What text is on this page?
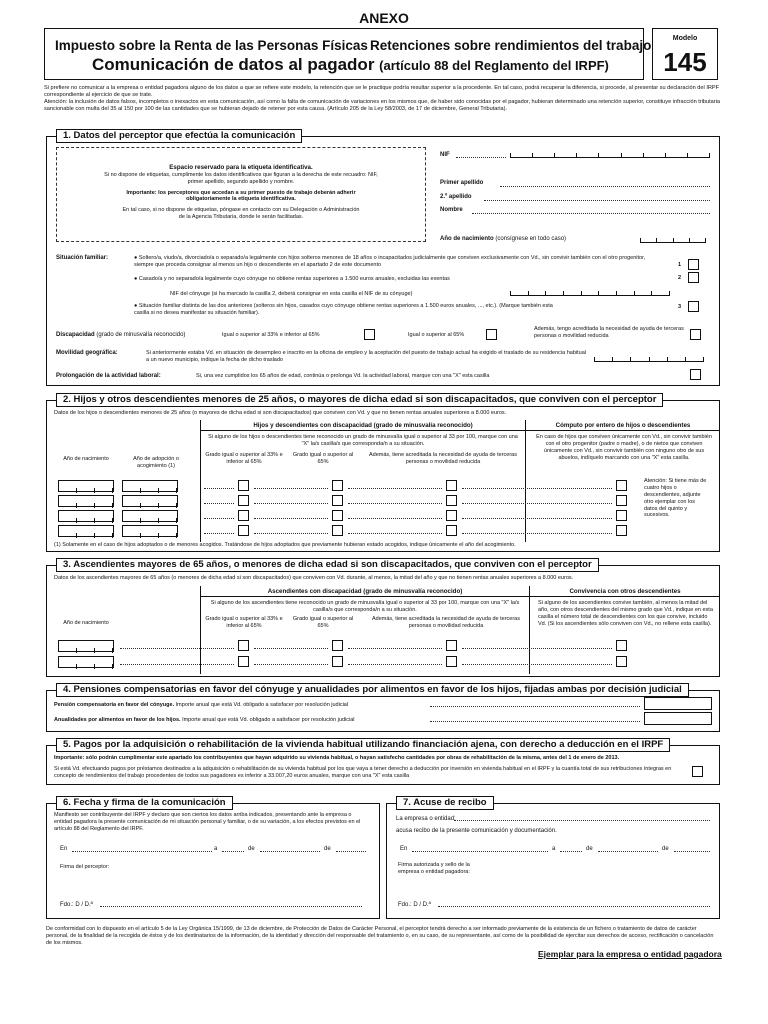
ANEXO
Impuesto sobre la Renta de las Personas Físicas Retenciones sobre rendimientos del trabajo
Comunicación de datos al pagador (artículo 88 del Reglamento del IRPF)
Modelo
145

Si prefiere no comunicar a la empresa o entidad pagadora alguno de los datos a que se refiere este modelo, la retención que se le practique podría resultar superior a la procedente. En tal caso, podrá recuperar la diferencia, si procede, al presentar su declaración del IRPF correspondiente al ejercicio de que se trate.

Atención: la inclusión de datos falsos, incompletos o inexactos en esta comunicación, así como la falta de comunicación de variaciones en los mismos que, de haber sido conocidas por el pagador, hubieran determinado una retención superior, constituye infracción tributaria sancionable con multa del 35 al 150 por 100 de las cantidades que se hubieran dejado de retener por esta causa. (Artículo 205 de la Ley 58/2003, de 17 de diciembre, General Tributaria).

1. Datos del perceptor que efectúa la comunicación
Espacio reservado para la etiqueta identificativa.
Si no dispone de etiquetas, cumplimente los datos identificativos que figuran a la derecha de este recuadro: NIF, primer apellido, segundo apellido y nombre.
Importante: los perceptores que accedan a su primer puesto de trabajo deberán adherir obligatoriamente la etiqueta identificativa.
En tal caso, si no dispone de etiquetas, póngase en contacto con su Delegación o Administración de la Agencia Tributaria, donde le serán facilitadas.
NIF
Primer apellido
2.º apellido
Nombre
Año de nacimiento (consígnese en todo caso)
Situación familiar:	● Soltero/a, viudo/a, divorciado/a o separado/a legalmente con hijos solteros menores de 18 años o incapacitados judicialmente que conviven exclusivamente con Vd., sin convivir también con el otro progenitor, siempre que proceda consignar al menos un hijo o descendiente en el apartado 2 de este documento
● Casado/a y no separado/a legalmente cuyo cónyuge no obtiene rentas superiores a 1.500 euros anuales, excluidas las exentas
NIF del cónyuge (si ha marcado la casilla 2, deberá consignar en esta casilla el NIF de su cónyuge)
● Situación familiar distinta de las dos anteriores (solteros sin hijos, casados cuyo cónyuge obtiene rentas superiores a 1.500 euros anuales, ..., etc.). (Marque también esta casilla si no desea manifestar su situación familiar).
1
2
3
Discapacidad (grado de minusvalía reconocido)	Igual o superior al 33% e inferior al 65%	Igual o superior al 65%
Además, tengo acreditada la necesidad de ayuda de terceras personas o movilidad reducida
Movilidad geográfica:	Si anteriormente estaba Vd. en situación de desempleo e inscrito en la oficina de empleo y la aceptación del puesto de trabajo actual ha exigido el traslado de su residencia habitual a un nuevo municipio, indique la fecha de dicho traslado
Prolongación de la actividad laboral:	Si, una vez cumplidos los 65 años de edad, continúa o prolonga Vd. la actividad laboral, marque con una "X" esta casilla
2. Hijos y otros descendientes menores de 25 años, o mayores de dicha edad si son discapacitados, que conviven con el perceptor
Datos de los hijos o descendientes menores de 25 años (o mayores de dicha edad si son discapacitados) que conviven con Vd. y que no tienen rentas anuales superiores a 8.000 euros.
Hijos y descendientes con discapacidad (grado de minusvalía reconocido)
Si alguno de los hijos o descendientes tiene reconocido un grado de minusvalía igual o superior al 33 por 100, marque con una "X" la/s casilla/s que corresponda/n a su situación.
Año de nacimiento	Año de adopción o acogimiento (1)
Grado igual o superior al 33% e inferior al 65%
Grado igual o superior al 65%
Además, tiene acreditada la necesidad de ayuda de terceras personas o movilidad reducida
Cómputo por entero de hijos o descendientes
En caso de hijos que conviven únicamente con Vd., sin convivir también con el otro progenitor (padre o madre), o de nietos que conviven únicamente con Vd., sin convivir también con ninguno otro de sus abuelos, indíquelo marcando con una "X" esta casilla.
Atención: Si tiene más de cuatro hijos o descendientes, adjunte otro ejemplar con los datos del quinto y sucesivos.
(1) Solamente en el caso de hijos adoptados o de menores acogidos. Tratándose de hijos adoptados que previamente hubieran estado acogidos, indique únicamente el año del acogimiento.
3. Ascendientes mayores de 65 años, o menores de dicha edad si son discapacitados, que conviven con el perceptor
Datos de los ascendientes mayores de 65 años (o menores de dicha edad si son discapacitados) que conviven con Vd. durante, al menos, la mitad del año y que no tienen rentas anuales superiores a 8.000 euros.
Ascendientes con discapacidad (grado de minusvalía reconocido)
Si alguno de los ascendientes tiene reconocido un grado de minusvalía igual o superior al 33 por 100, marque con una "X" la/s casilla/s que corresponda/n a su situación.
Año de nacimiento
Grado igual o superior al 33% e inferior al 65%
Grado igual o superior al 65%
Además, tiene acreditada la necesidad de ayuda de terceras personas o movilidad reducida
Convivencia con otros descendientes
Si alguno de los ascendientes convive también, al menos la mitad del año, con otros descendientes del mismo grado que Vd., indique en esta casilla el número total de descendientes con los que convive, incluido Vd. (Si los ascendientes sólo conviven con Vd., no rellene esta casilla).
4. Pensiones compensatorias en favor del cónyuge y anualidades por alimentos en favor de los hijos, fijadas ambas por decisión judicial
Pensión compensatoria en favor del cónyuge. Importe anual que está Vd. obligado a satisfacer por resolución judicial
Anualidades por alimentos en favor de los hijos. Importe anual que está Vd. obligado a satisfacer por resolución judicial
5. Pagos por la adquisición o rehabilitación de la vivienda habitual utilizando financiación ajena, con derecho a deducción en el IRPF
Importante: sólo podrán cumplimentar este apartado los contribuyentes que hayan adquirido su vivienda habitual, o hayan satisfecho cantidades por obras de rehabilitación de la misma, antes del 1 de enero de 2013.
Si está Vd. efectuando pagos por préstamos destinados a la adquisición o rehabilitación de su vivienda habitual por los que vaya a tener derecho a deducción por inversión en vivienda habitual en el IRPF y la cuantía total de sus retribuciones íntegras en concepto de rendimientos del trabajo procedentes de todos sus pagadores es inferior a 33.007,20 euros anuales, marque con una "X" esta casilla
6. Fecha y firma de la comunicación
Manifiesto ser contribuyente del IRPF y declaro que son ciertos los datos arriba indicados, presentando ante la empresa o entidad pagadora la presente comunicación de mi situación personal y familiar, o de su variación, a los efectos previstos en el artículo 88 del Reglamento del IRPF.
En	a	de	de
Firma del perceptor:
Fdo.: D / D.ª
7. Acuse de recibo
La empresa o entidad:
acusa recibo de la presente comunicación y documentación.
En	a	de	de
Firma autorizada y sello de la empresa o entidad pagadora:
Fdo.: D / D.ª
De conformidad con lo dispuesto en el artículo 5 de la Ley Orgánica 15/1999, de 13 de diciembre, de Protección de Datos de Carácter Personal, el perceptor tendrá derecho a ser informado previamente de la existencia de un fichero o tratamiento de datos de carácter personal, de la finalidad de la recogida de éstos y de los destinatarios de la información, de la identidad y dirección del responsable del tratamiento o, en su caso, de su representante, así como de la posibilidad de ejercitar sus derechos de acceso, rectificación o cancelación de los mismos.
Ejemplar para la empresa o entidad pagadora
